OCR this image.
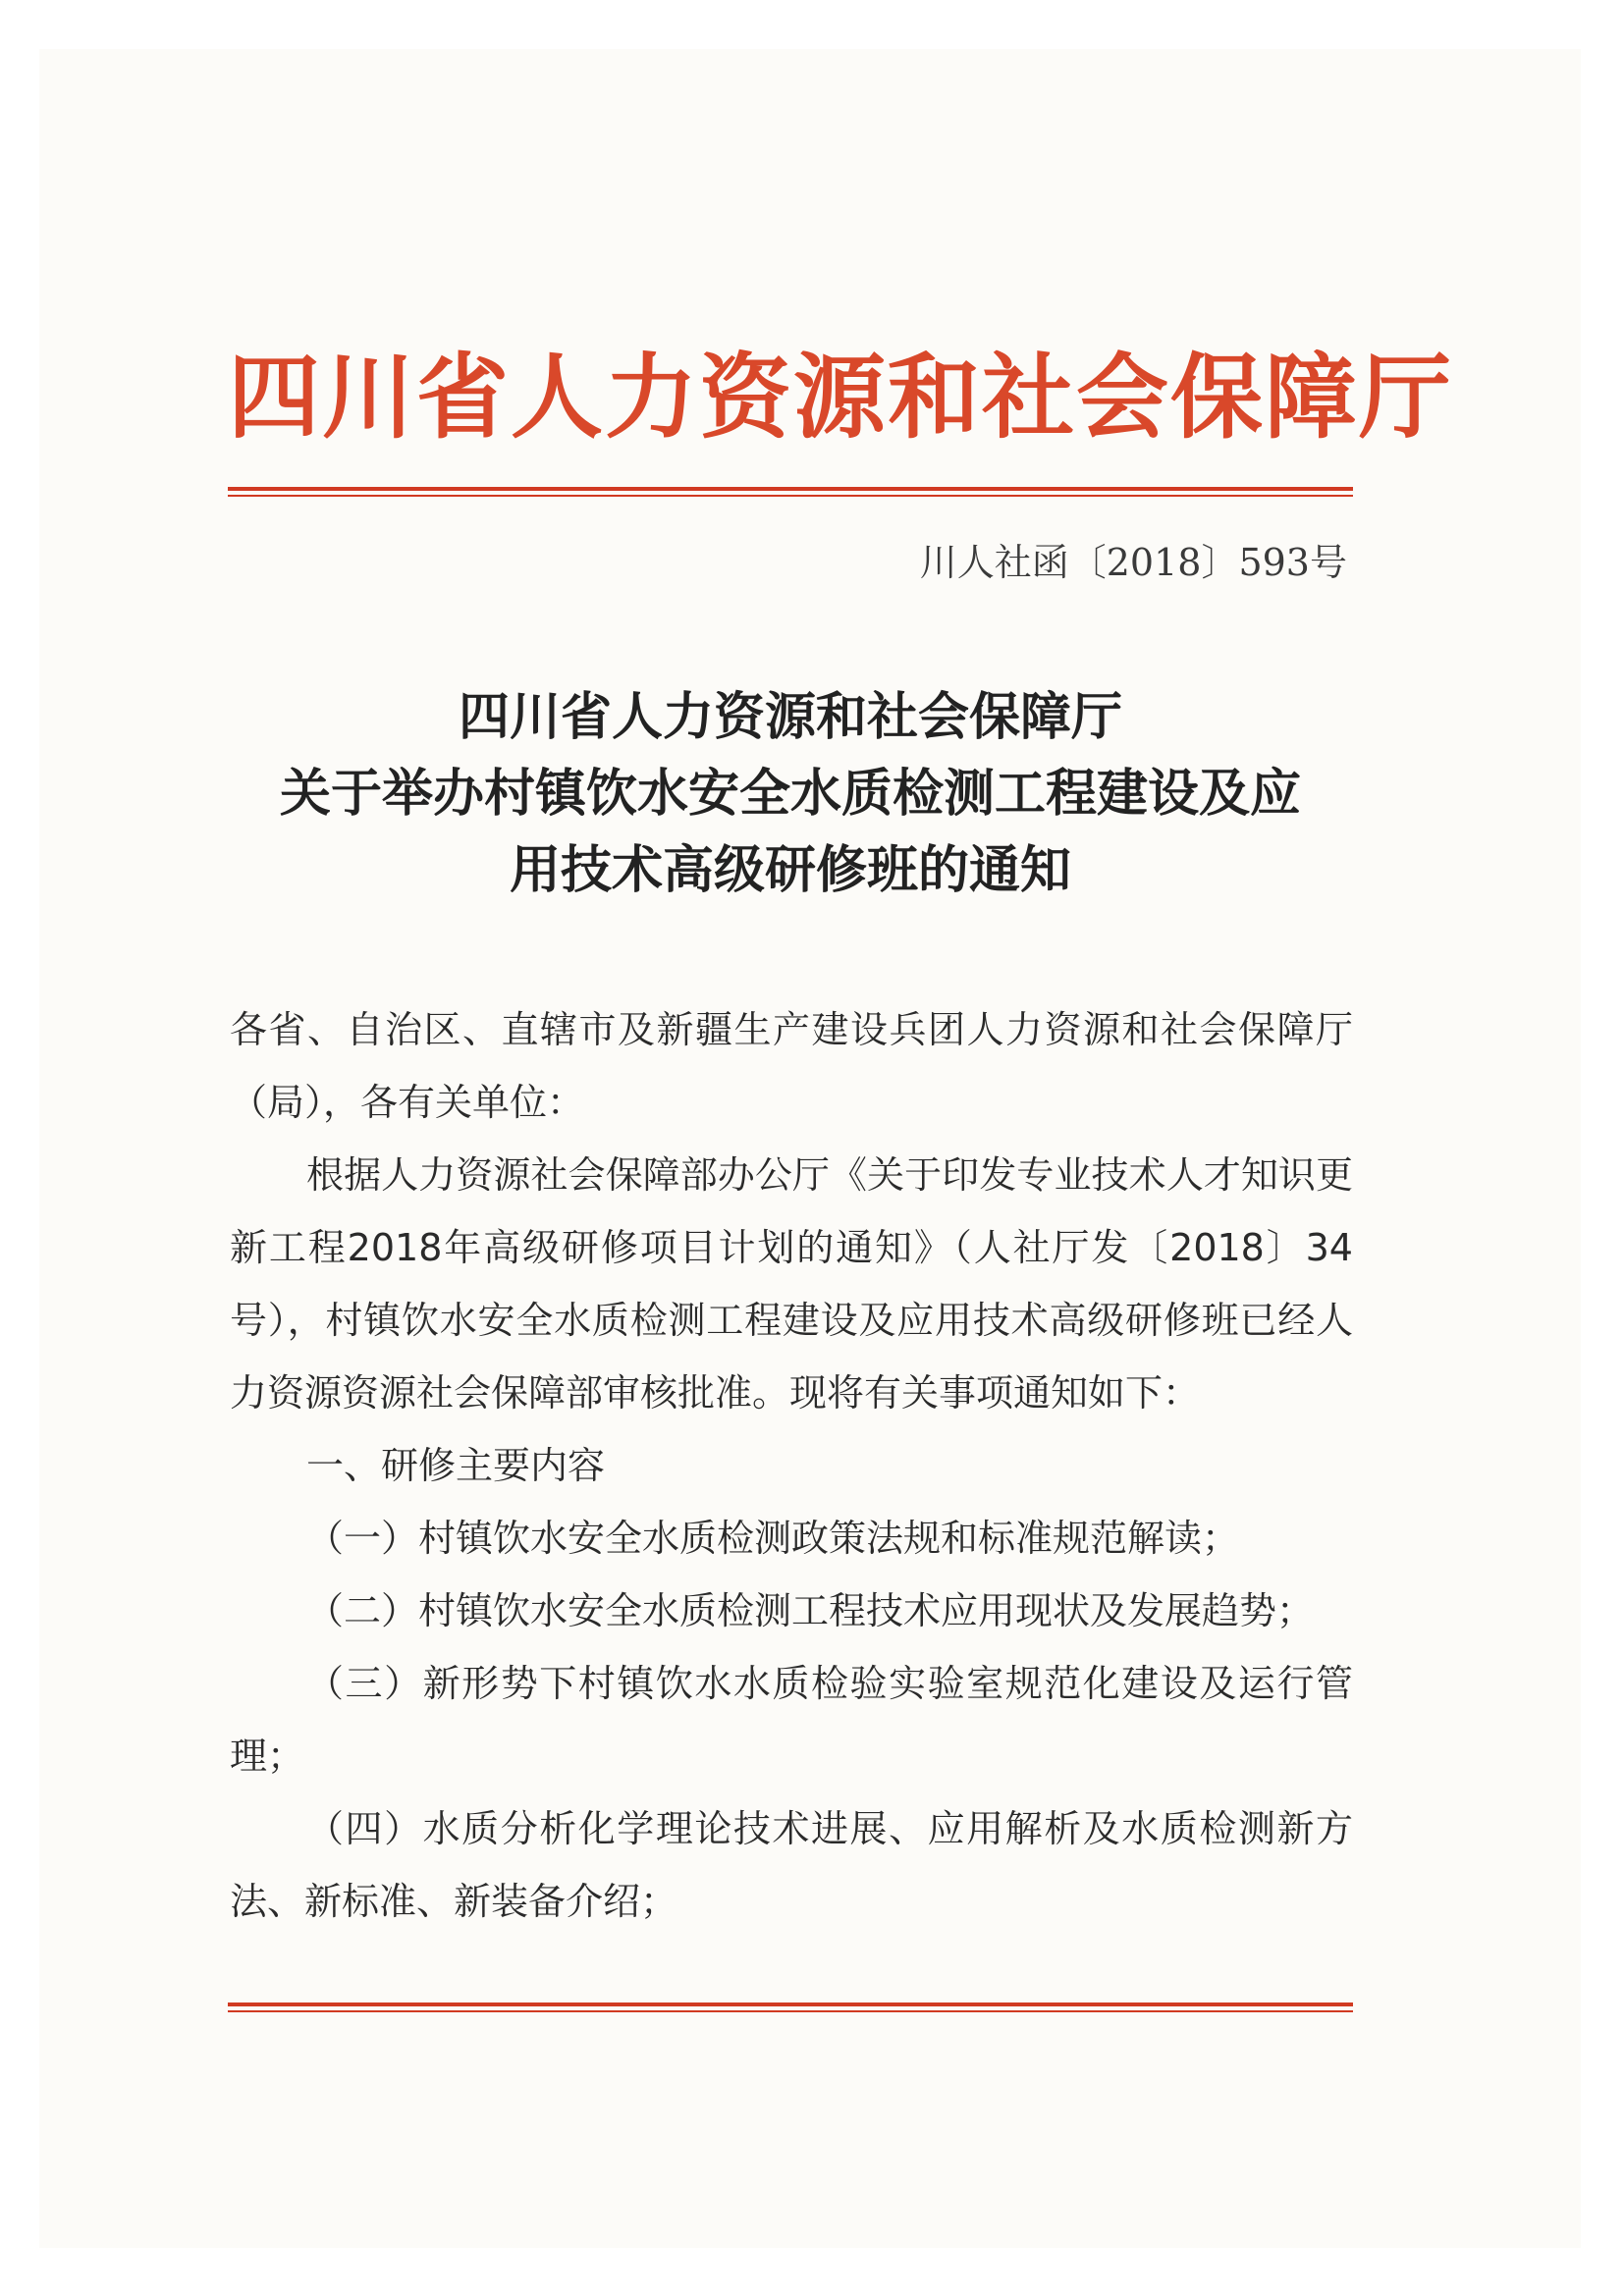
四川省人力资源和社会保障厅
川人社函〔2018〕593号
四川省人力资源和社会保障厅
关于举办村镇饮水安全水质检测工程建设及应
用技术高级研修班的通知

各省、自治区、直辖市及新疆生产建设兵团人力资源和社会保障厅（局），各有关单位：

根据人力资源社会保障部办公厅《关于印发专业技术人才知识更新工程2018年高级研修项目计划的通知》（人社厅发〔2018〕34号），村镇饮水安全水质检测工程建设及应用技术高级研修班已经人力资源资源社会保障部审核批准。现将有关事项通知如下：

一、研修主要内容

（一）村镇饮水安全水质检测政策法规和标准规范解读；

（二）村镇饮水安全水质检测工程技术应用现状及发展趋势；

（三）新形势下村镇饮水水质检验实验室规范化建设及运行管理；

（四）水质分析化学理论技术进展、应用解析及水质检测新方法、新标准、新装备介绍；
